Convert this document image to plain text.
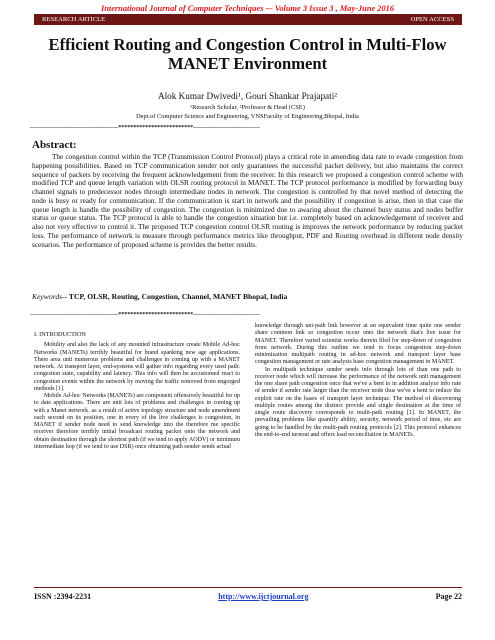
International Journal of Computer Techniques -– Volume 3 Issue 3 , May-June 2016
RESEARCH ARTICLE	OPEN ACCESS
Efficient Routing and Congestion Control in Multi-Flow MANET Environment
Alok Kumar Dwivedi¹, Gouri Shankar Prajapati²
¹Research Scholar, ²Professor & Head (CSE)
Dept.of Computer Science and Engineering, VNSFaculty of Engineering,Bhopal, India
---------------------------------------------*************************----------------------------------
Abstract:

The congestion control within the TCP (Transmission Control Protocol) plays a critical role in amending data rate to evade congestion from happening possibilities. Based on TCP communication sender not only guarantees the successful packet delivery, but also maintains the correct sequence of packets by receiving the frequent acknowledgement from the receiver. In this research we proposed a congestion control scheme with modified TCP and queue length variation with OLSR routing protocol in MANET. The TCP protocol performance is modified by forwarding busy channel signals to predecessor nodes through intermediate nodes in network. The congestion is controlled by that novel method of detecting the node is busy or ready for communication. If the communication is start in network and the possibility if congestion is arise, then in that case the queue length is handle the possibility of congestion. The congestion is minimized due to awaring about the channel busy status and nodes buffer status or queue status. The TCP protocol is able to handle the congestion situation but i.e. completely based on acknowledgement of receiver and also not very effective to control it. The proposed TCP congestion control OLSR routing is improves the network performance by reducing packet loss. The performance of network is measure through performance metrics like throughput, PDF and Routing overhead in different node density scenarios. The performance of proposed scheme is provides the better results.

Keywords-- TCP, OLSR, Routing, Congestion, Channel, MANET Bhopal, India
---------------------------------------------*************************----------------------------------

I. INTRODUCTION

Mobility and also the lack of any mounted infrastructure create Mobile Ad-hoc Networks (MANETs) terribly beautiful for brand spanking new age applications. There area unit numerous problems and challenges in coming up with a MANET network. At transport layer, end-systems will gather info regarding every used path: congestion state, capability and latency. This info will then be accustomed react to congestion events within the network by moving the traffic removed from engorged methods [1].

Mobile Ad-hoc Networks (MANETs) are component offensively beautiful for up to date applications. There are unit lots of problems and challenges in coming up with a Manet network. as a result of active topology structure and node amendment each second on its position, one in every of the live challenges is congestion, in MANET if sender node need to send knowledge into the therefore me specific receiver therefore terribly initial broadcast routing packet onto the network and obtain destination through the shortest path (if we tend to apply AODV) or minimum intermediate hop (if we tend to use DSR) once obtaining path sender sends actual

knowledge through uni-path link however at an equivalent time quite one sender share common link so congestion occur onto the network that's live issue for MANET. Therefore varied scientist works therein filed for step-down of congestion from network. During this outline we tend to focus congestion step-down minimization multipath routing in ad-hoc network and transport layer base congestion management or rate analysis base congestion management in MANET.

In multipath technique sender sends info through lots of than one path to receiver node which will increase the performance of the network unit management the one share path congestion once that we've a bent to in addition analyze info rate of sender if sender rate larger than the receiver node thus we've a bent to reduce the exploit rate on the bases of transport layer technique. The method of discovering multiple routes among the distinct provide and single destination at the time of single route discovery corresponds to multi-path routing [1]. In MANET, the prevailing problems like quantify ability, security, network period of time, etc are going to be handled by the multi-path routing protocols [2]. This protocol enhances the end-to-end turnout and offers load reconciliation in MANETs.

ISSN :2394-2231	http://www.ijctjournal.org	Page 22
